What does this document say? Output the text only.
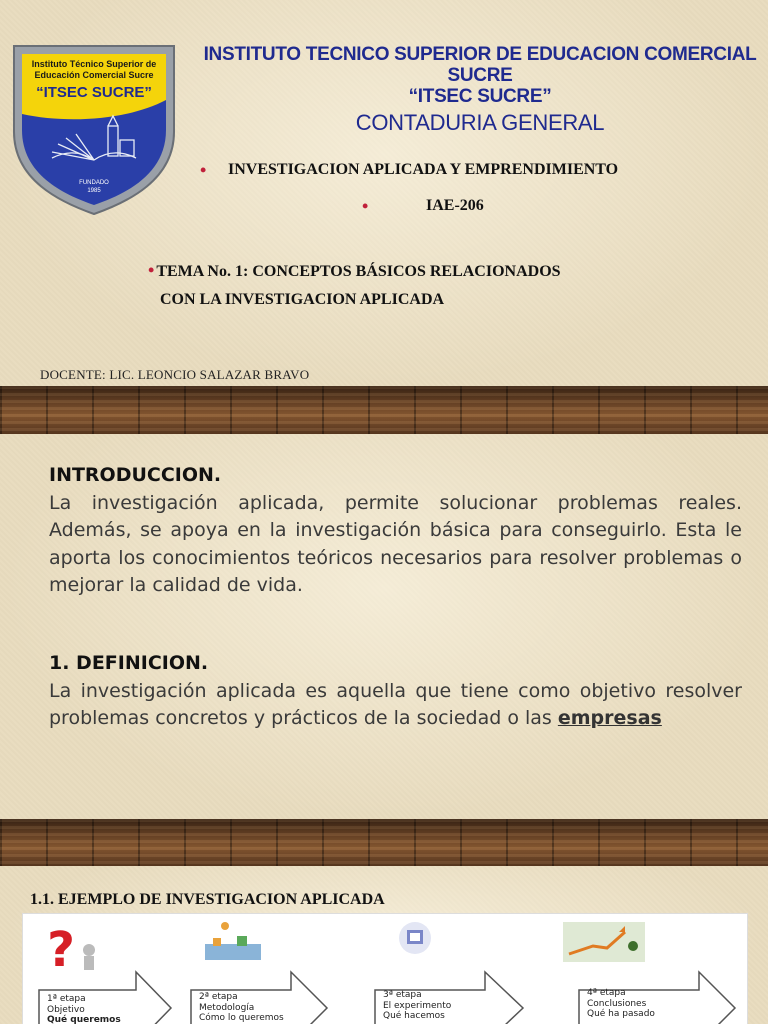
Instituto Técnico Superior de
Educación Comercial Sucre
“ITSEC SUCRE”
FUNDADO
1985
INSTITUTO TECNICO SUPERIOR DE EDUCACION COMERCIAL SUCRE
“ITSEC SUCRE”
CONTADURIA GENERAL
• INVESTIGACION APLICADA Y EMPRENDIMIENTO
•	IAE-206
• TEMA No. 1: CONCEPTOS BÁSICOS RELACIONADOS
CON LA INVESTIGACION APLICADA
DOCENTE: LIC. LEONCIO SALAZAR BRAVO
INTRODUCCION.
La investigación aplicada, permite solucionar problemas reales. Además, se apoya en la investigación básica para conseguirlo. Esta le aporta los conocimientos teóricos necesarios para resolver problemas o mejorar la calidad de vida.
1. DEFINICION.
La investigación aplicada es aquella que tiene como objetivo resolver problemas concretos y prácticos de la sociedad o las empresas
1.1. EJEMPLO DE INVESTIGACION APLICADA
?
1ª etapa
Objetivo
Qué queremos
2ª etapa
Metodología
Cómo lo queremos
3ª etapa
El experimento
Qué hacemos
4ª etapa
Conclusiones
Qué ha pasado
